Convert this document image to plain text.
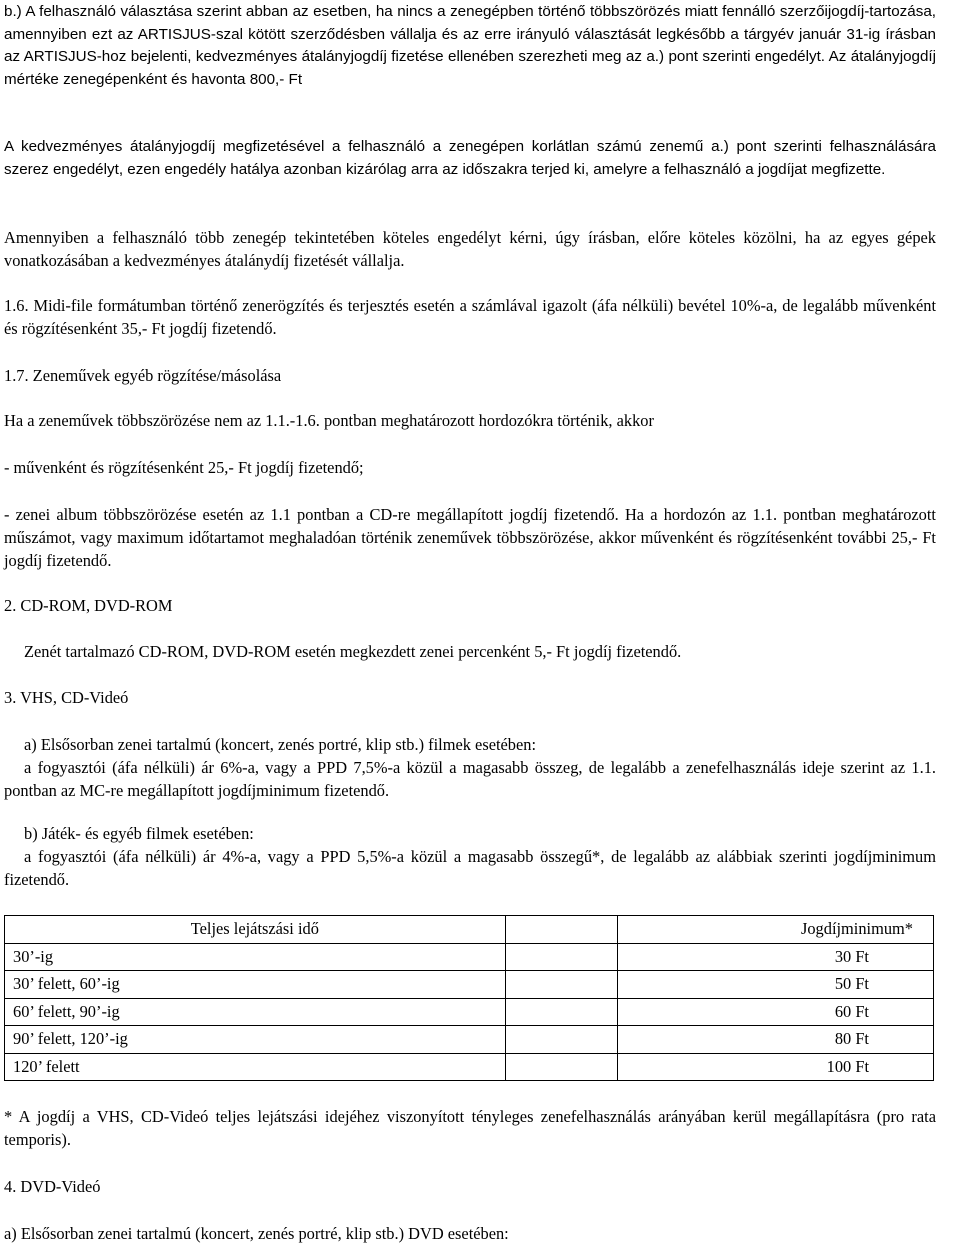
b.) A felhasználó választása szerint abban az esetben, ha nincs a zenegépben történő többszörözés miatt fennálló szerzőijogdíj-tartozása, amennyiben ezt az ARTISJUS-szal kötött szerződésben vállalja és az erre irányuló választását legkésőbb a tárgyév január 31-ig írásban az ARTISJUS-hoz bejelenti, kedvezményes átalányjogdíj fizetése ellenében szerezheti meg az a.) pont szerinti engedélyt. Az átalányjogdíj mértéke zenegépenként és havonta 800,- Ft

A kedvezményes átalányjogdíj megfizetésével a felhasználó a zenegépen korlátlan számú zenemű a.) pont szerinti felhasználására szerez engedélyt, ezen engedély hatálya azonban kizárólag arra az időszakra terjed ki, amelyre a felhasználó a jogdíjat megfizette.

Amennyiben a felhasználó több zenegép tekintetében köteles engedélyt kérni, úgy írásban, előre köteles közölni, ha az egyes gépek vonatkozásában a kedvezményes átalánydíj fizetését vállalja.

1.6. Midi-file formátumban történő zenerögzítés és terjesztés esetén a számlával igazolt (áfa nélküli) bevétel 10%-a, de legalább művenként és rögzítésenként 35,- Ft jogdíj fizetendő.

1.7. Zeneművek egyéb rögzítése/másolása

Ha a zeneművek többszörözése nem az 1.1.-1.6. pontban meghatározott hordozókra történik, akkor

- művenként és rögzítésenként 25,- Ft jogdíj fizetendő;

- zenei album többszörözése esetén az 1.1 pontban a CD-re megállapított jogdíj fizetendő. Ha a hordozón az 1.1. pontban meghatározott műszámot, vagy maximum időtartamot meghaladóan történik zeneművek többszörözése, akkor művenként és rögzítésenként további 25,- Ft jogdíj fizetendő.

2. CD-ROM, DVD-ROM

Zenét tartalmazó CD-ROM, DVD-ROM esetén megkezdett zenei percenként 5,- Ft jogdíj fizetendő.

3. VHS, CD-Videó

a) Elsősorban zenei tartalmú (koncert, zenés portré, klip stb.) filmek esetében:

a fogyasztói (áfa nélküli) ár 6%-a, vagy a PPD 7,5%-a közül a magasabb összeg, de legalább a zenefelhasználás ideje szerint az 1.1. pontban az MC-re megállapított jogdíjminimum fizetendő.

b) Játék- és egyéb filmek esetében:

a fogyasztói (áfa nélküli) ár 4%-a, vagy a PPD 5,5%-a közül a magasabb összegű*, de legalább az alábbiak szerinti jogdíjminimum fizetendő.

Teljes lejátszási idő		Jogdíjminimum*
30’-ig		30 Ft
30’ felett, 60’-ig		50 Ft
60’ felett, 90’-ig		60 Ft
90’ felett, 120’-ig		80 Ft
120’ felett		100 Ft

* A jogdíj a VHS, CD-Videó teljes lejátszási idejéhez viszonyított tényleges zenefelhasználás arányában kerül megállapításra (pro rata temporis).

4. DVD-Videó

a) Elsősorban zenei tartalmú (koncert, zenés portré, klip stb.) DVD esetében:
